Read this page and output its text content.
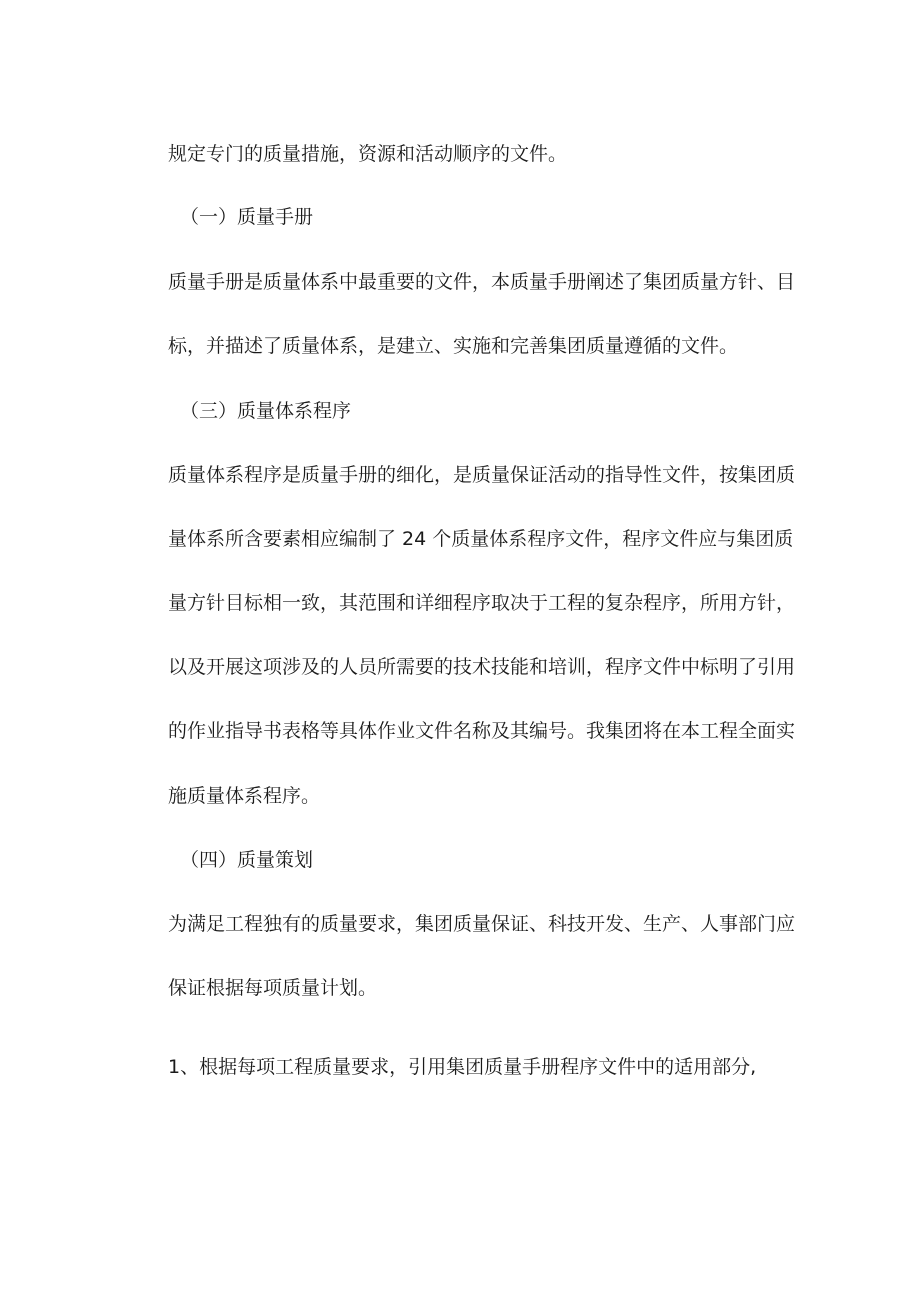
规定专门的质量措施，资源和活动顺序的文件。
（一）质量手册
质量手册是质量体系中最重要的文件，本质量手册阐述了集团质量方针、目
标，并描述了质量体系，是建立、实施和完善集团质量遵循的文件。
（三）质量体系程序
质量体系程序是质量手册的细化，是质量保证活动的指导性文件，按集团质
量体系所含要素相应编制了 24 个质量体系程序文件，程序文件应与集团质
量方针目标相一致，其范围和详细程序取决于工程的复杂程序，所用方针，
以及开展这项涉及的人员所需要的技术技能和培训，程序文件中标明了引用
的作业指导书表格等具体作业文件名称及其编号。我集团将在本工程全面实
施质量体系程序。
（四）质量策划
为满足工程独有的质量要求，集团质量保证、科技开发、生产、人事部门应
保证根据每项质量计划。
1、根据每项工程质量要求，引用集团质量手册程序文件中的适用部分,
